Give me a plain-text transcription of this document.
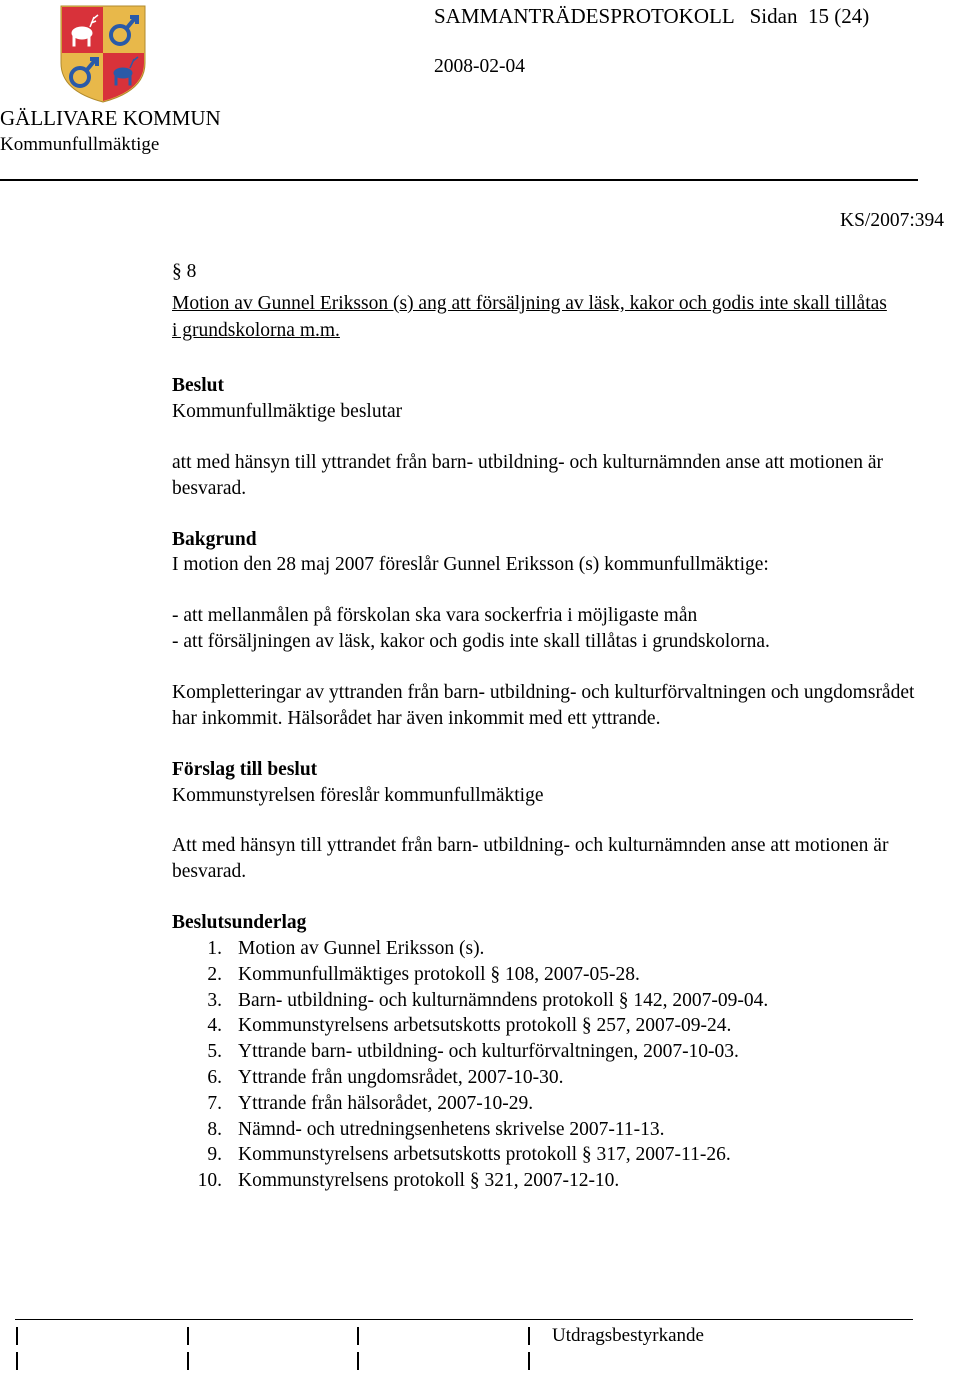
SAMMANTRÄDESPROTOKOLL   Sidan  15 (24)
2008-02-04
GÄLLIVARE KOMMUN
Kommunfullmäktige
KS/2007:394
§ 8
Motion av Gunnel Eriksson (s) ang att försäljning av läsk, kakor och godis inte skall tillåtas i grundskolorna m.m.
Beslut
Kommunfullmäktige beslutar
att med hänsyn till yttrandet från barn- utbildning- och kulturnämnden anse att motionen är besvarad.
Bakgrund
I motion den 28 maj 2007 föreslår Gunnel Eriksson (s) kommunfullmäktige:
- att mellanmålen på förskolan ska vara sockerfria i möjligaste mån
- att försäljningen av läsk, kakor och godis inte skall tillåtas i grundskolorna.
Kompletteringar av yttranden från barn- utbildning- och kulturförvaltningen och ungdomsrådet har inkommit. Hälsorådet har även inkommit med ett yttrande.
Förslag till beslut
Kommunstyrelsen föreslår kommunfullmäktige
Att med hänsyn till yttrandet från barn- utbildning- och kulturnämnden anse att motionen är besvarad.
Beslutsunderlag
1. Motion av Gunnel Eriksson (s).
2. Kommunfullmäktiges protokoll § 108, 2007-05-28.
3. Barn- utbildning- och kulturnämndens protokoll § 142, 2007-09-04.
4. Kommunstyrelsens arbetsutskotts protokoll § 257, 2007-09-24.
5. Yttrande barn- utbildning- och kulturförvaltningen, 2007-10-03.
6. Yttrande från ungdomsrådet, 2007-10-30.
7. Yttrande från hälsorådet, 2007-10-29.
8. Nämnd- och utredningsenhetens skrivelse 2007-11-13.
9. Kommunstyrelsens arbetsutskotts protokoll § 317, 2007-11-26.
10. Kommunstyrelsens protokoll § 321, 2007-12-10.
Utdragsbestyrkande
